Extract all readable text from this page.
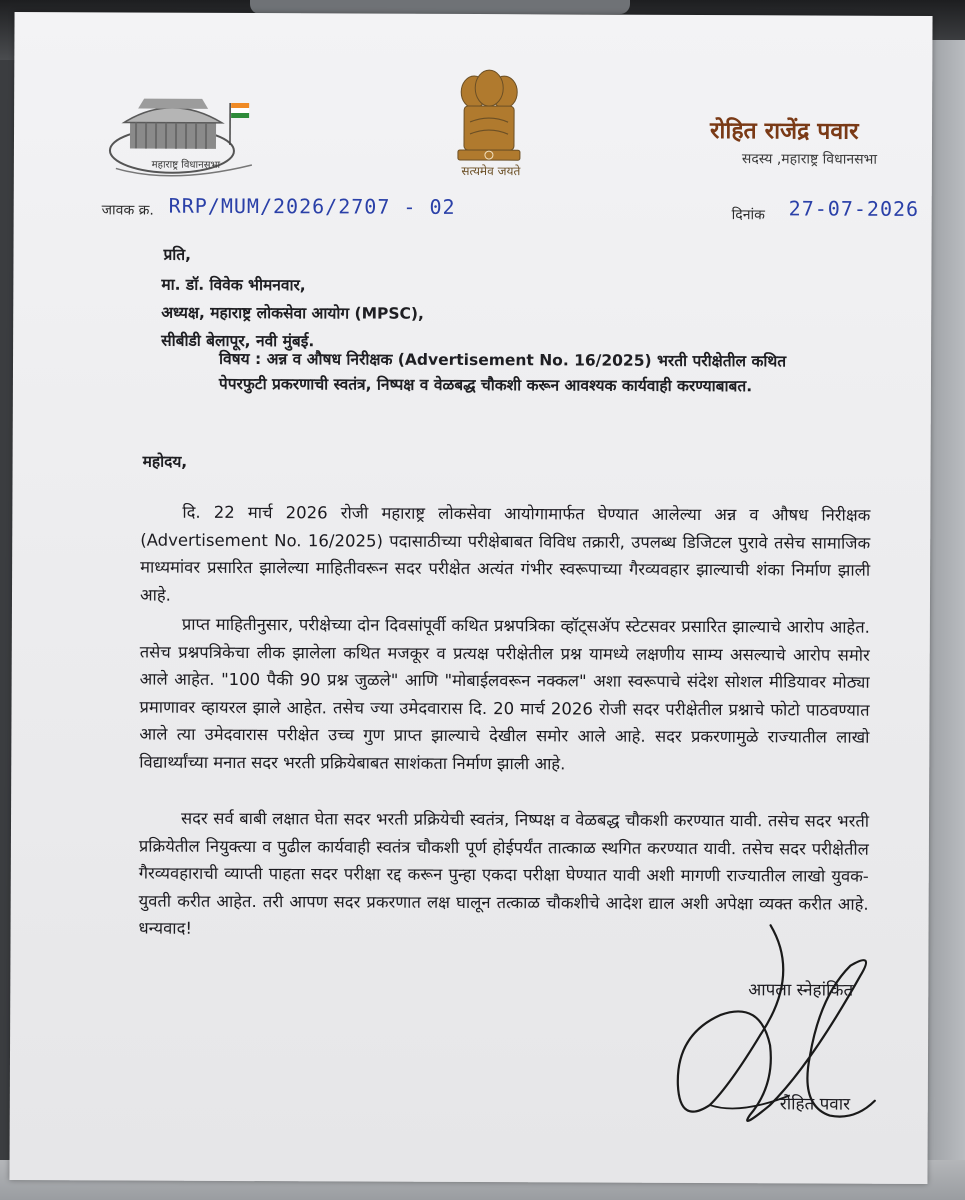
महाराष्ट्र विधानसभा	सत्यमेव जयते
रोहित राजेंद्र पवार
सदस्य ,महाराष्ट्र विधानसभा
जावक क्र. RRP/MUM/2026/2707 - 02	दिनांक 27-07-2026
प्रति,
मा. डॉ. विवेक भीमनवार,
अध्यक्ष, महाराष्ट्र लोकसेवा आयोग (MPSC),
सीबीडी बेलापूर, नवी मुंबई.
विषय : अन्न व औषध निरीक्षक (Advertisement No. 16/2025) भरती परीक्षेतील कथित पेपरफुटी प्रकरणाची स्वतंत्र, निष्पक्ष व वेळबद्ध चौकशी करून आवश्यक कार्यवाही करण्याबाबत.
महोदय,
दि. 22 मार्च 2026 रोजी महाराष्ट्र लोकसेवा आयोगामार्फत घेण्यात आलेल्या अन्न व औषध निरीक्षक (Advertisement No. 16/2025) पदासाठीच्या परीक्षेबाबत विविध तक्रारी, उपलब्ध डिजिटल पुरावे तसेच सामाजिक माध्यमांवर प्रसारित झालेल्या माहितीवरून सदर परीक्षेत अत्यंत गंभीर स्वरूपाच्या गैरव्यवहार झाल्याची शंका निर्माण झाली आहे.
प्राप्त माहितीनुसार, परीक्षेच्या दोन दिवसांपूर्वी कथित प्रश्नपत्रिका व्हॉट्सअ‍ॅप स्टेटसवर प्रसारित झाल्याचे आरोप आहेत. तसेच प्रश्नपत्रिकेचा लीक झालेला कथित मजकूर व प्रत्यक्ष परीक्षेतील प्रश्न यामध्ये लक्षणीय साम्य असल्याचे आरोप समोर आले आहेत. "100 पैकी 90 प्रश्न जुळले" आणि "मोबाईलवरून नक्कल" अशा स्वरूपाचे संदेश सोशल मीडियावर मोठ्या प्रमाणावर व्हायरल झाले आहेत. तसेच ज्या उमेदवारास दि. 20 मार्च 2026 रोजी सदर परीक्षेतील प्रश्नाचे फोटो पाठवण्यात आले त्या उमेदवारास परीक्षेत उच्च गुण प्राप्त झाल्याचे देखील समोर आले आहे. सदर प्रकरणामुळे राज्यातील लाखो विद्यार्थ्यांच्या मनात सदर भरती प्रक्रियेबाबत साशंकता निर्माण झाली आहे.
सदर सर्व बाबी लक्षात घेता सदर भरती प्रक्रियेची स्वतंत्र, निष्पक्ष व वेळबद्ध चौकशी करण्यात यावी. तसेच सदर भरती प्रक्रियेतील नियुक्त्या व पुढील कार्यवाही स्वतंत्र चौकशी पूर्ण होईपर्यंत तात्काळ स्थगित करण्यात यावी. तसेच सदर परीक्षेतील गैरव्यवहाराची व्याप्ती पाहता सदर परीक्षा रद्द करून पुन्हा एकदा परीक्षा घेण्यात यावी अशी मागणी राज्यातील लाखो युवक-युवती करीत आहेत. तरी आपण सदर प्रकरणात लक्ष घालून तत्काळ चौकशीचे आदेश द्याल अशी अपेक्षा व्यक्त करीत आहे. धन्यवाद!
आपला स्नेहांकित
रोहित पवार
